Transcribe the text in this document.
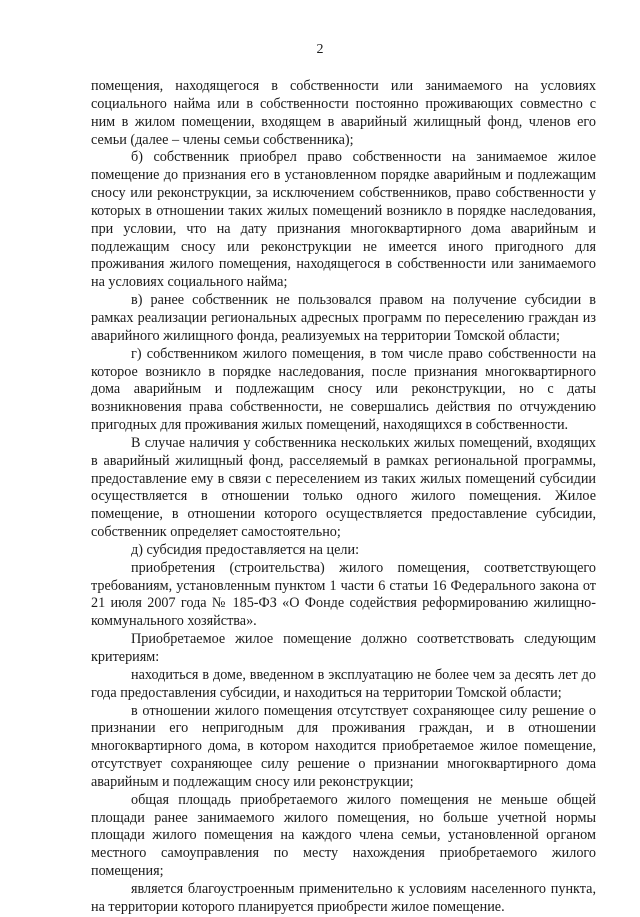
2

помещения, находящегося в собственности или занимаемого на условиях социального найма или в собственности постоянно проживающих совместно с ним в жилом помещении, входящем в аварийный жилищный фонд, членов его семьи (далее – члены семьи собственника);

б) собственник приобрел право собственности на занимаемое жилое помещение до признания его в установленном порядке аварийным и подлежащим сносу или реконструкции, за исключением собственников, право собственности у которых в отношении таких жилых помещений возникло в порядке наследования, при условии, что на дату признания многоквартирного дома аварийным и подлежащим сносу или реконструкции не имеется иного пригодного для проживания жилого помещения, находящегося в собственности или занимаемого на условиях социального найма;

в) ранее собственник не пользовался правом на получение субсидии в рамках реализации региональных адресных программ по переселению граждан из аварийного жилищного фонда, реализуемых на территории Томской области;

г) собственником жилого помещения, в том числе право собственности на которое возникло в порядке наследования, после признания многоквартирного дома аварийным и подлежащим сносу или реконструкции, но с даты возникновения права собственности, не совершались действия по отчуждению пригодных для проживания жилых помещений, находящихся в собственности.

В случае наличия у собственника нескольких жилых помещений, входящих в аварийный жилищный фонд, расселяемый в рамках региональной программы, предоставление ему в связи с переселением из таких жилых помещений субсидии осуществляется в отношении только одного жилого помещения. Жилое помещение, в отношении которого осуществляется предоставление субсидии, собственник определяет самостоятельно;

д) субсидия предоставляется на цели:

приобретения (строительства) жилого помещения, соответствующего требованиям, установленным пунктом 1 части 6 статьи 16 Федерального закона от 21 июля 2007 года № 185-ФЗ «О Фонде содействия реформированию жилищно-коммунального хозяйства».

Приобретаемое жилое помещение должно соответствовать следующим критериям:

находиться в доме, введенном в эксплуатацию не более чем за десять лет до года предоставления субсидии, и находиться на территории Томской области;

в отношении жилого помещения отсутствует сохраняющее силу решение о признании его непригодным для проживания граждан, и в отношении многоквартирного дома, в котором находится приобретаемое жилое помещение, отсутствует сохраняющее силу решение о признании многоквартирного дома аварийным и подлежащим сносу или реконструкции;

общая площадь приобретаемого жилого помещения не меньше общей площади ранее занимаемого жилого помещения, но больше учетной нормы площади жилого помещения на каждого члена семьи, установленной органом местного самоуправления по месту нахождения приобретаемого жилого помещения;

является благоустроенным применительно к условиям населенного пункта, на территории которого планируется приобрести жилое помещение.
